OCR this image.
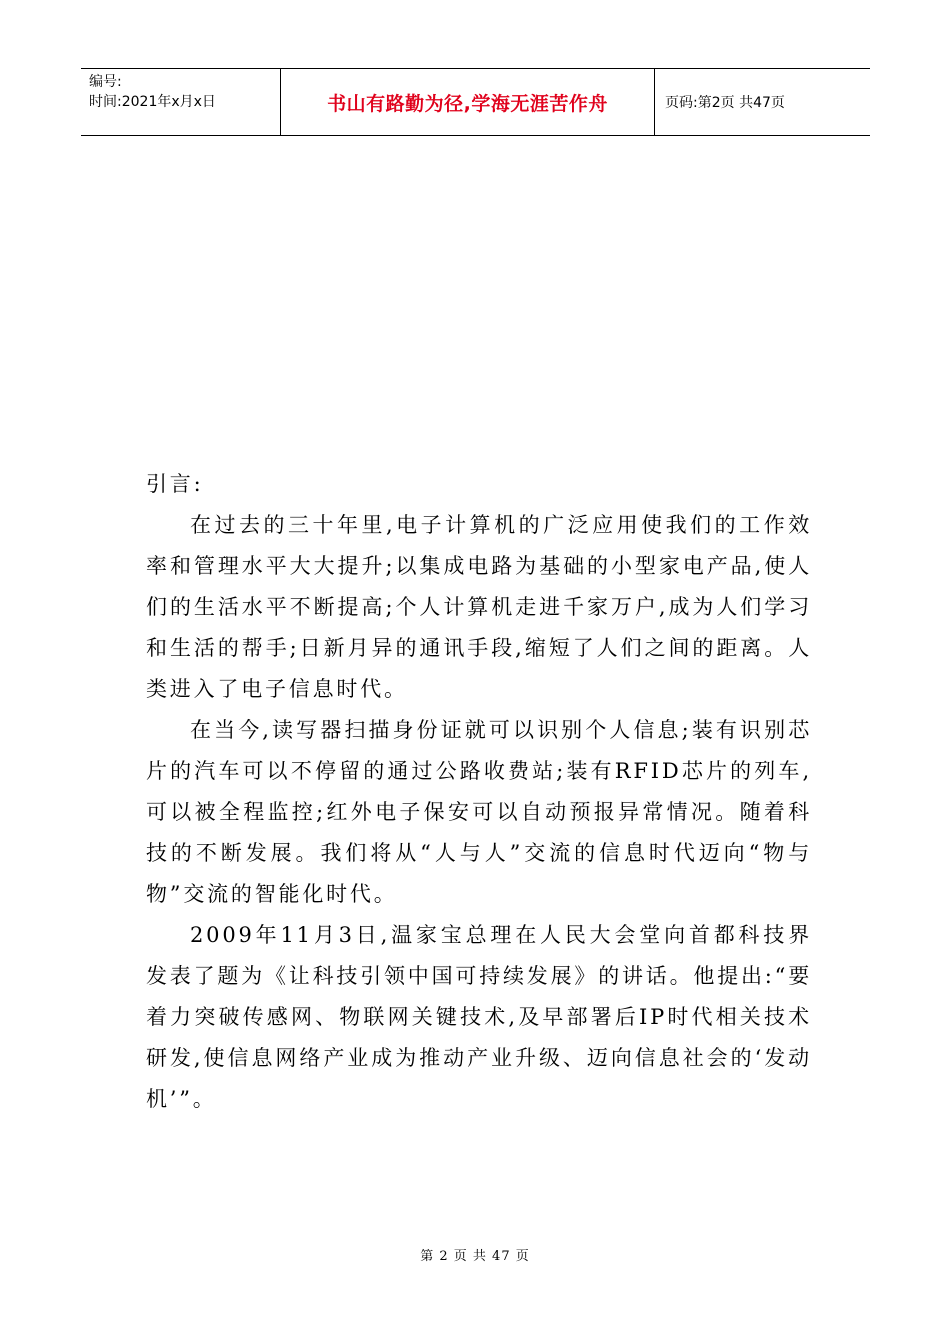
编号:
时间:2021年x月x日	书山有路勤为径,学海无涯苦作舟	页码:第2页 共47页

引言:

在过去的三十年里,电子计算机的广泛应用使我们的工作效率和管理水平大大提升;以集成电路为基础的小型家电产品,使人们的生活水平不断提高;个人计算机走进千家万户,成为人们学习和生活的帮手;日新月异的通讯手段,缩短了人们之间的距离。人类进入了电子信息时代。

在当今,读写器扫描身份证就可以识别个人信息;装有识别芯片的汽车可以不停留的通过公路收费站;装有RFID芯片的列车,可以被全程监控;红外电子保安可以自动预报异常情况。随着科技的不断发展。我们将从“人与人”交流的信息时代迈向“物与物”交流的智能化时代。

2009年11月3日,温家宝总理在人民大会堂向首都科技界发表了题为《让科技引领中国可持续发展》的讲话。他提出:“要着力突破传感网、物联网关键技术,及早部署后IP时代相关技术研发,使信息网络产业成为推动产业升级、迈向信息社会的‘发动机’”。

第 2 页 共 47 页
